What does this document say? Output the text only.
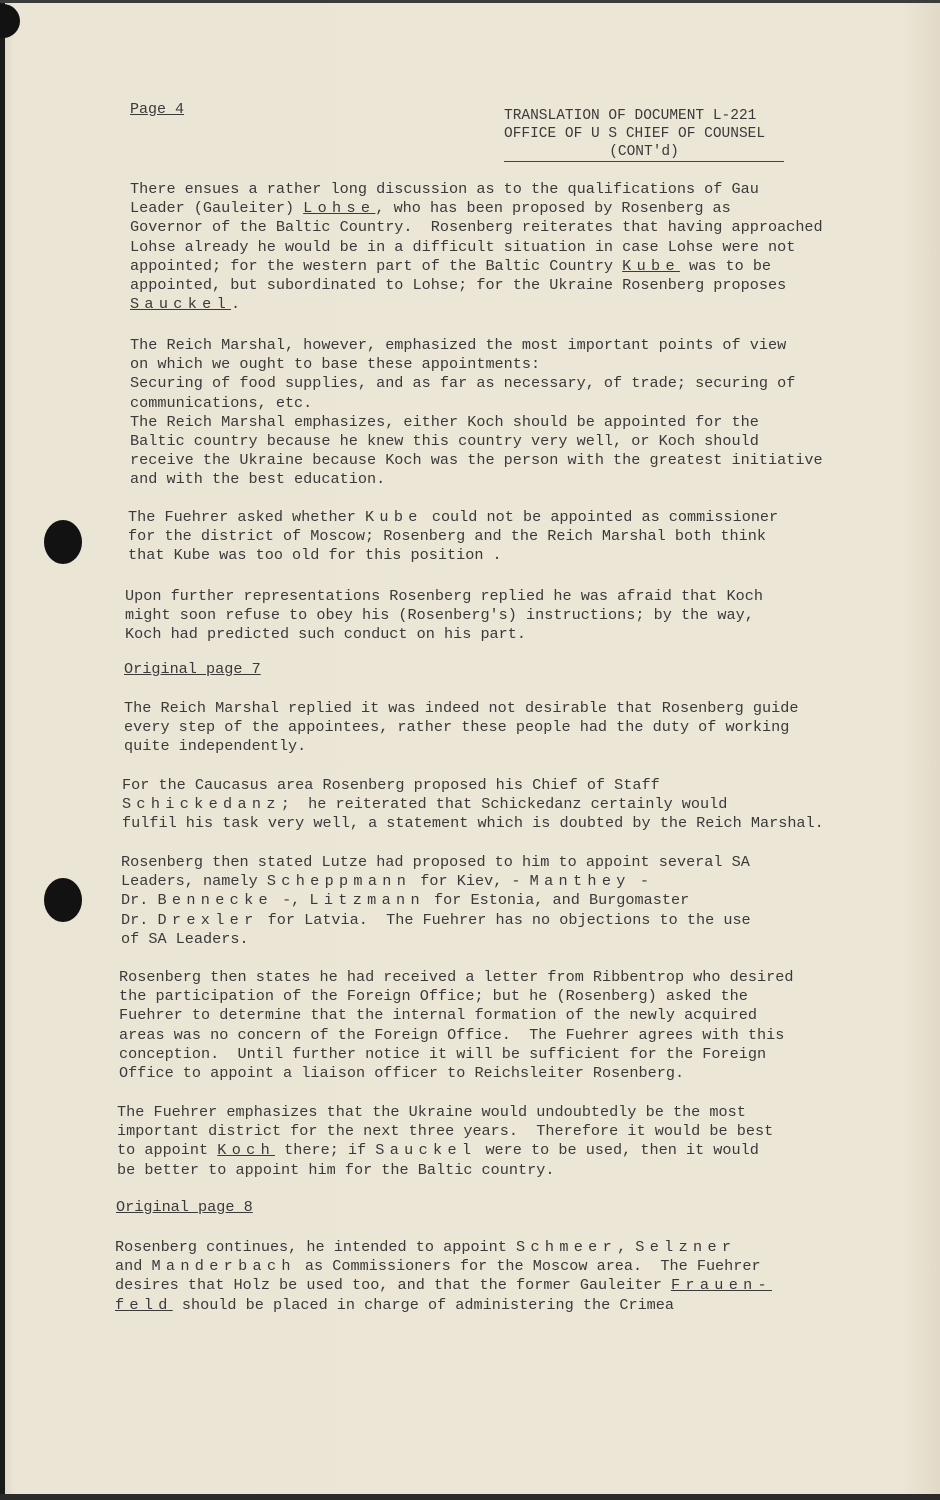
Page 4	TRANSLATION OF DOCUMENT L-221
OFFICE OF U S CHIEF OF COUNSEL
(CONT'd)
There ensues a rather long discussion as to the qualifications of Gau
Leader (Gauleiter) Lohse, who has been proposed by Rosenberg as
Governor of the Baltic Country.  Rosenberg reiterates that having approached
Lohse already he would be in a difficult situation in case Lohse were not
appointed; for the western part of the Baltic Country Kube was to be
appointed, but subordinated to Lohse; for the Ukraine Rosenberg proposes
Sauckel.
The Reich Marshal, however, emphasized the most important points of view
on which we ought to base these appointments:
Securing of food supplies, and as far as necessary, of trade; securing of
communications, etc.
The Reich Marshal emphasizes, either Koch should be appointed for the
Baltic country because he knew this country very well, or Koch should
receive the Ukraine because Koch was the person with the greatest initiative
and with the best education.
The Fuehrer asked whether Kube could not be appointed as commissioner
for the district of Moscow; Rosenberg and the Reich Marshal both think
that Kube was too old for this position .
Upon further representations Rosenberg replied he was afraid that Koch
might soon refuse to obey his (Rosenberg's) instructions; by the way,
Koch had predicted such conduct on his part.
Original page 7
The Reich Marshal replied it was indeed not desirable that Rosenberg guide
every step of the appointees, rather these people had the duty of working
quite independently.
For the Caucasus area Rosenberg proposed his Chief of Staff
Schickedanz;  he reiterated that Schickedanz certainly would
fulfil his task very well, a statement which is doubted by the Reich Marshal.
Rosenberg then stated Lutze had proposed to him to appoint several SA
Leaders, namely Scheppmann for Kiev, - Manthey -
Dr. Bennecke -, Litzmann for Estonia, and Burgomaster
Dr. Drexler for Latvia.  The Fuehrer has no objections to the use
of SA Leaders.
Rosenberg then states he had received a letter from Ribbentrop who desired
the participation of the Foreign Office; but he (Rosenberg) asked the
Fuehrer to determine that the internal formation of the newly acquired
areas was no concern of the Foreign Office.  The Fuehrer agrees with this
conception.  Until further notice it will be sufficient for the Foreign
Office to appoint a liaison officer to Reichsleiter Rosenberg.
The Fuehrer emphasizes that the Ukraine would undoubtedly be the most
important district for the next three years.  Therefore it would be best
to appoint Koch there; if Sauckel were to be used, then it would
be better to appoint him for the Baltic country.
Original page 8
Rosenberg continues, he intended to appoint Schmeer, Selzner
and Manderbach as Commissioners for the Moscow area.  The Fuehrer
desires that Holz be used too, and that the former Gauleiter Frauen-
feld should be placed in charge of administering the Crimea
